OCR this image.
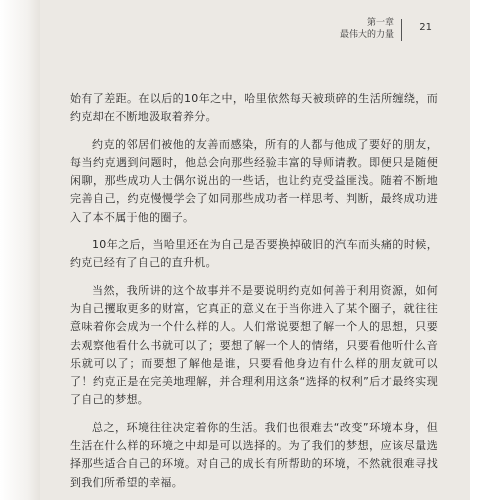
第一章
最伟大的力量
21

始有了差距。在以后的10年之中，哈里依然每天被琐碎的生活所缠绕，而约克却在不断地汲取着养分。

约克的邻居们被他的友善而感染，所有的人都与他成了要好的朋友，每当约克遇到问题时，他总会向那些经验丰富的导师请教。即便只是随便闲聊，那些成功人士偶尔说出的一些话，也让约克受益匪浅。随着不断地完善自己，约克慢慢学会了如同那些成功者一样思考、判断，最终成功进入了本不属于他的圈子。

10年之后，当哈里还在为自己是否要换掉破旧的汽车而头痛的时候，约克已经有了自己的直升机。

当然，我所讲的这个故事并不是要说明约克如何善于利用资源，如何为自己攫取更多的财富，它真正的意义在于当你进入了某个圈子，就往往意味着你会成为一个什么样的人。人们常说要想了解一个人的思想，只要去观察他看什么书就可以了；要想了解一个人的情绪，只要看他听什么音乐就可以了；而要想了解他是谁，只要看他身边有什么样的朋友就可以了！约克正是在完美地理解，并合理利用这条“选择的权利”后才最终实现了自己的梦想。

总之，环境往往决定着你的生活。我们也很难去“改变”环境本身，但生活在什么样的环境之中却是可以选择的。为了我们的梦想，应该尽量选择那些适合自己的环境。对自己的成长有所帮助的环境，不然就很难寻找到我们所希望的幸福。
